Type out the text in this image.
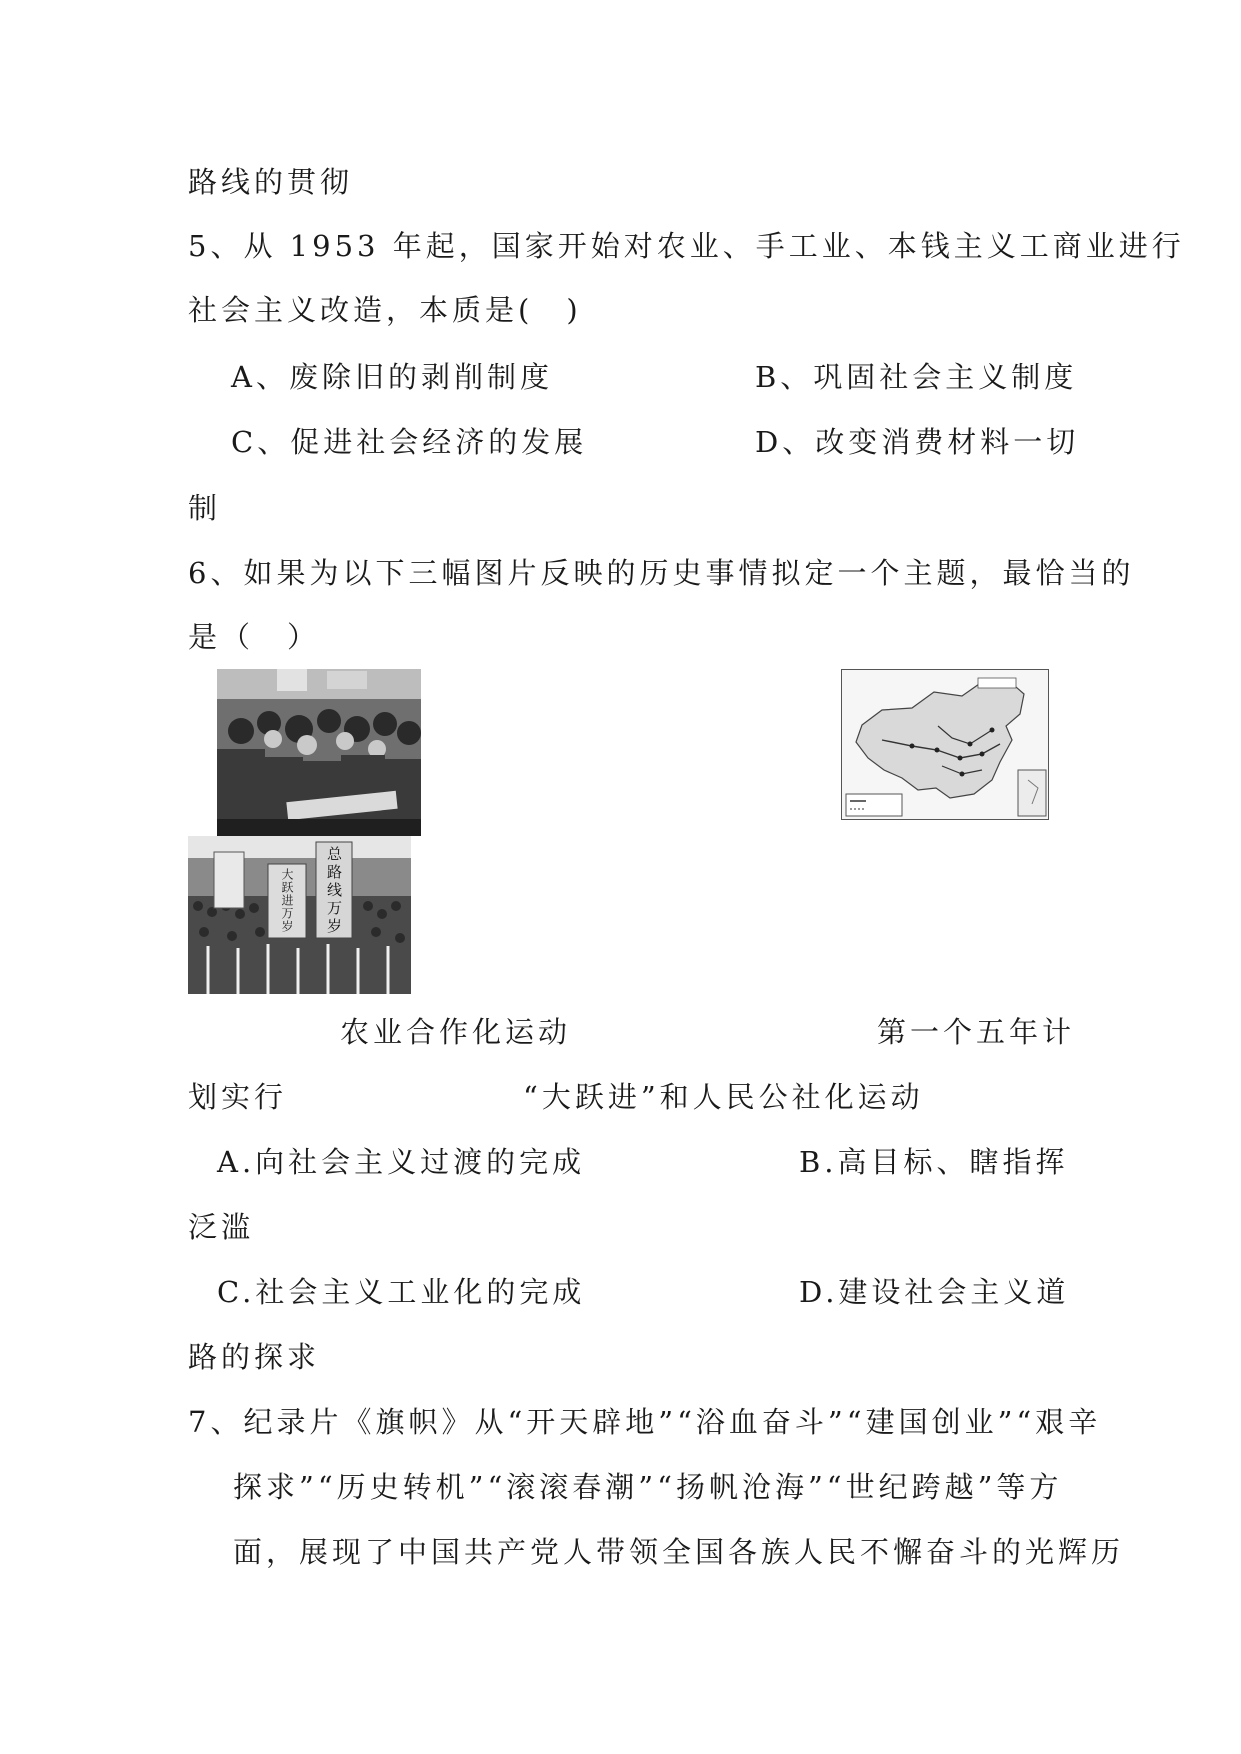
路线的贯彻
5、从 1953 年起，国家开始对农业、手工业、本钱主义工商业进行
社会主义改造，本质是(　)
A、废除旧的剥削制度	B、巩固社会主义制度
C、促进社会经济的发展	D、改变消费材料一切
制
6、如果为以下三幅图片反映的历史事情拟定一个主题，最恰当的
是（　）
大跃进万岁	总路线万岁
农业合作化运动	第一个五年计
划实行	“大跃进”和人民公社化运动
A.向社会主义过渡的完成	B.高目标、瞎指挥
泛滥
C.社会主义工业化的完成	D.建设社会主义道
路的探求
7、纪录片《旗帜》从“开天辟地”“浴血奋斗”“建国创业”“艰辛
探求”“历史转机”“滚滚春潮”“扬帆沧海”“世纪跨越”等方
面，展现了中国共产党人带领全国各族人民不懈奋斗的光辉历
